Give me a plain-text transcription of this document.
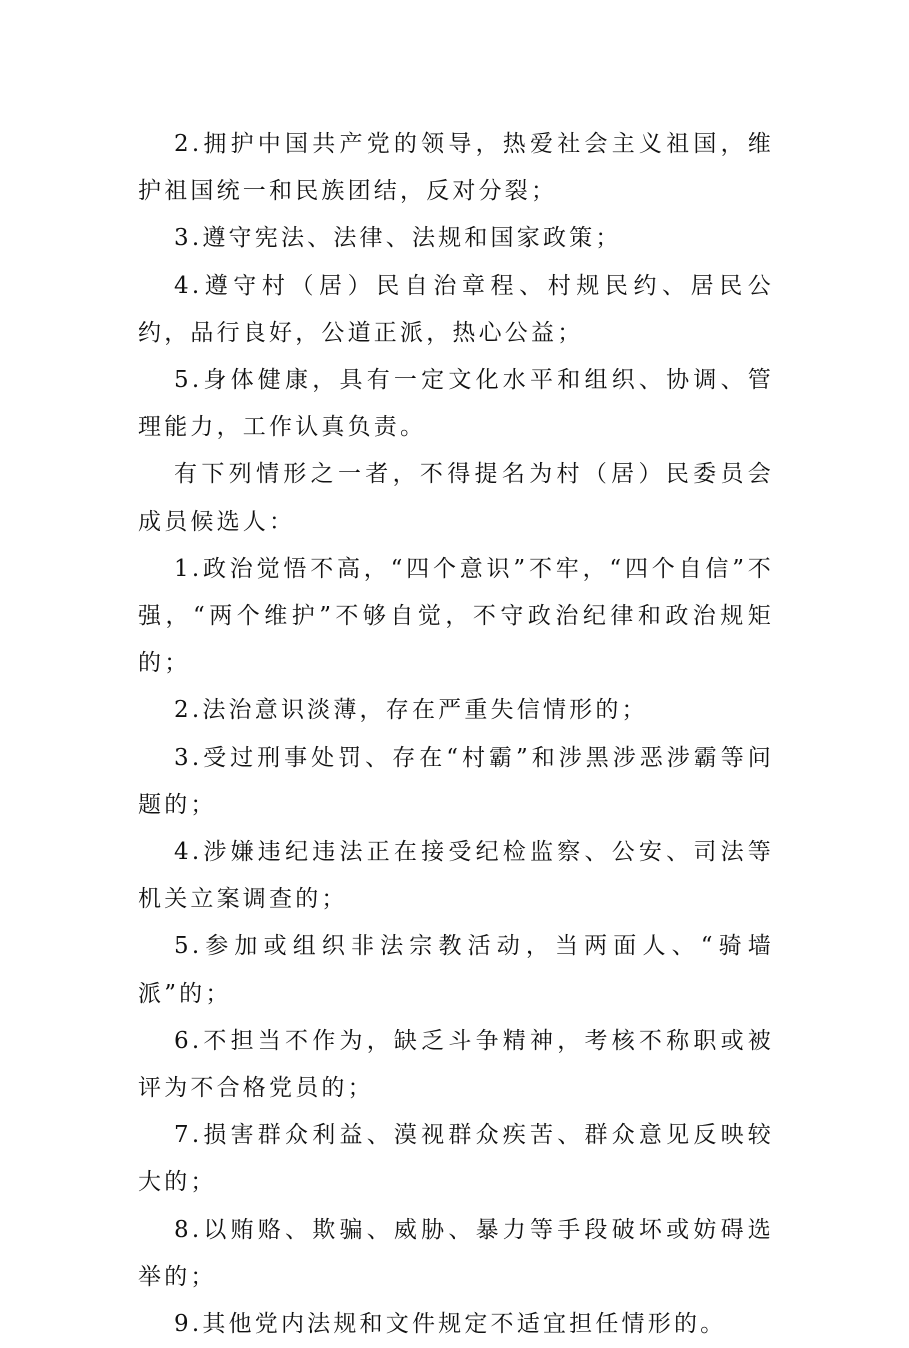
2.拥护中国共产党的领导，热爱社会主义祖国，维护祖国统一和民族团结，反对分裂；

3.遵守宪法、法律、法规和国家政策；

4.遵守村（居）民自治章程、村规民约、居民公约，品行良好，公道正派，热心公益；

5.身体健康，具有一定文化水平和组织、协调、管理能力，工作认真负责。

有下列情形之一者，不得提名为村（居）民委员会成员候选人：

1.政治觉悟不高，“四个意识”不牢，“四个自信”不强，“两个维护”不够自觉，不守政治纪律和政治规矩的；

2.法治意识淡薄，存在严重失信情形的；

3.受过刑事处罚、存在“村霸”和涉黑涉恶涉霸等问题的；

4.涉嫌违纪违法正在接受纪检监察、公安、司法等机关立案调查的；

5.参加或组织非法宗教活动，当两面人、“骑墙派”的；

6.不担当不作为，缺乏斗争精神，考核不称职或被评为不合格党员的；

7.损害群众利益、漠视群众疾苦、群众意见反映较大的；

8.以贿赂、欺骗、威胁、暴力等手段破坏或妨碍选举的；

9.其他党内法规和文件规定不适宜担任情形的。
